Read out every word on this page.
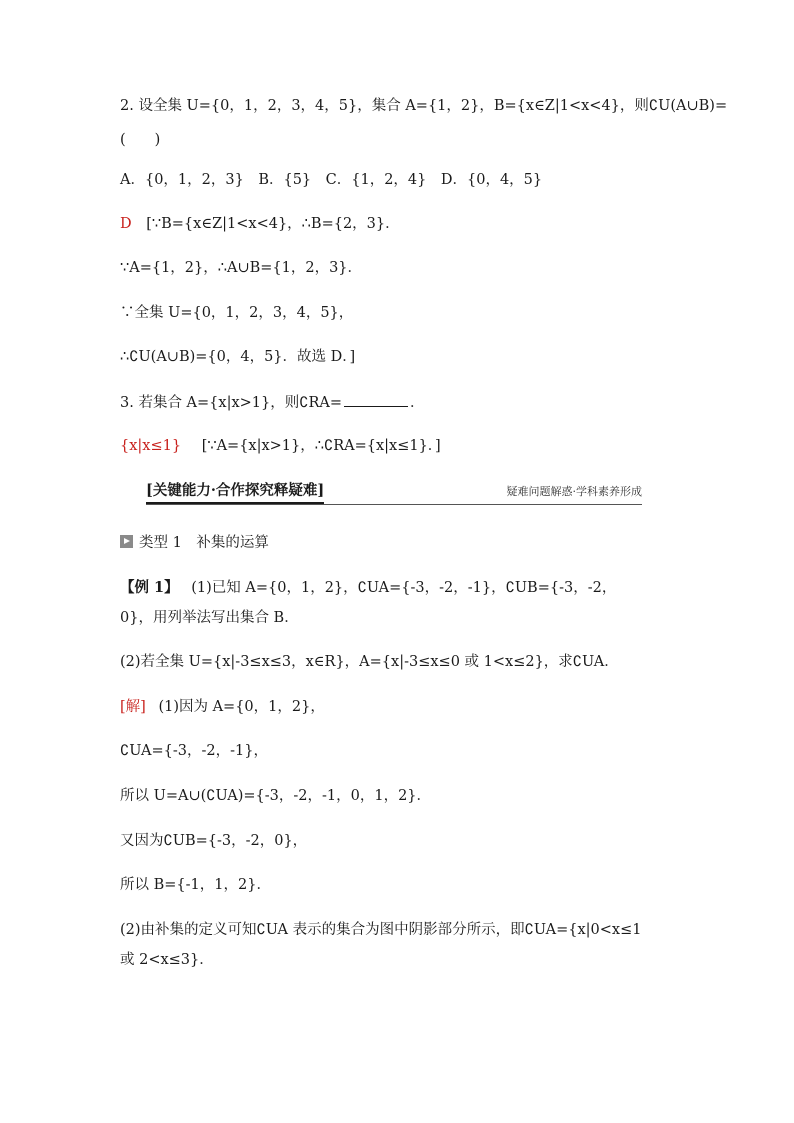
2. 设全集 U={0，1，2，3，4，5}，集合 A={1，2}，B={x∈Z|1<x<4}，则∁U(A∪B)=
(　　)
A．{0，1，2，3}　B．{5}　C．{1，2，4}　D．{0，4，5}
D [∵B={x∈Z|1<x<4}，∴B={2，3}．
∵A={1，2}，∴A∪B={1，2，3}．
∵全集 U={0，1，2，3，4，5}，
∴∁U(A∪B)={0，4，5}．故选 D．]
3. 若集合 A={x|x>1}，则∁RA=	．
{x|x≤1} [∵A={x|x>1}，∴∁RA={x|x≤1}．]
[关键能力·合作探究释疑难]	疑难问题解惑·学科素养形成
类型 1　补集的运算
【例 1】 (1)已知 A={0，1，2}，∁UA={-3，-2，-1}，∁UB={-3，-2，
0}，用列举法写出集合 B．
(2)若全集 U={x|-3≤x≤3，x∈R}，A={x|-3≤x≤0 或 1<x≤2}，求∁UA．
[解] (1)因为 A={0，1，2}，
∁UA={-3，-2，-1}，
所以 U=A∪(∁UA)={-3，-2，-1，0，1，2}．
又因为∁UB={-3，-2，0}，
所以 B={-1，1，2}．
(2)由补集的定义可知∁UA 表示的集合为图中阴影部分所示，即∁UA={x|0<x≤1
或 2<x≤3}．
